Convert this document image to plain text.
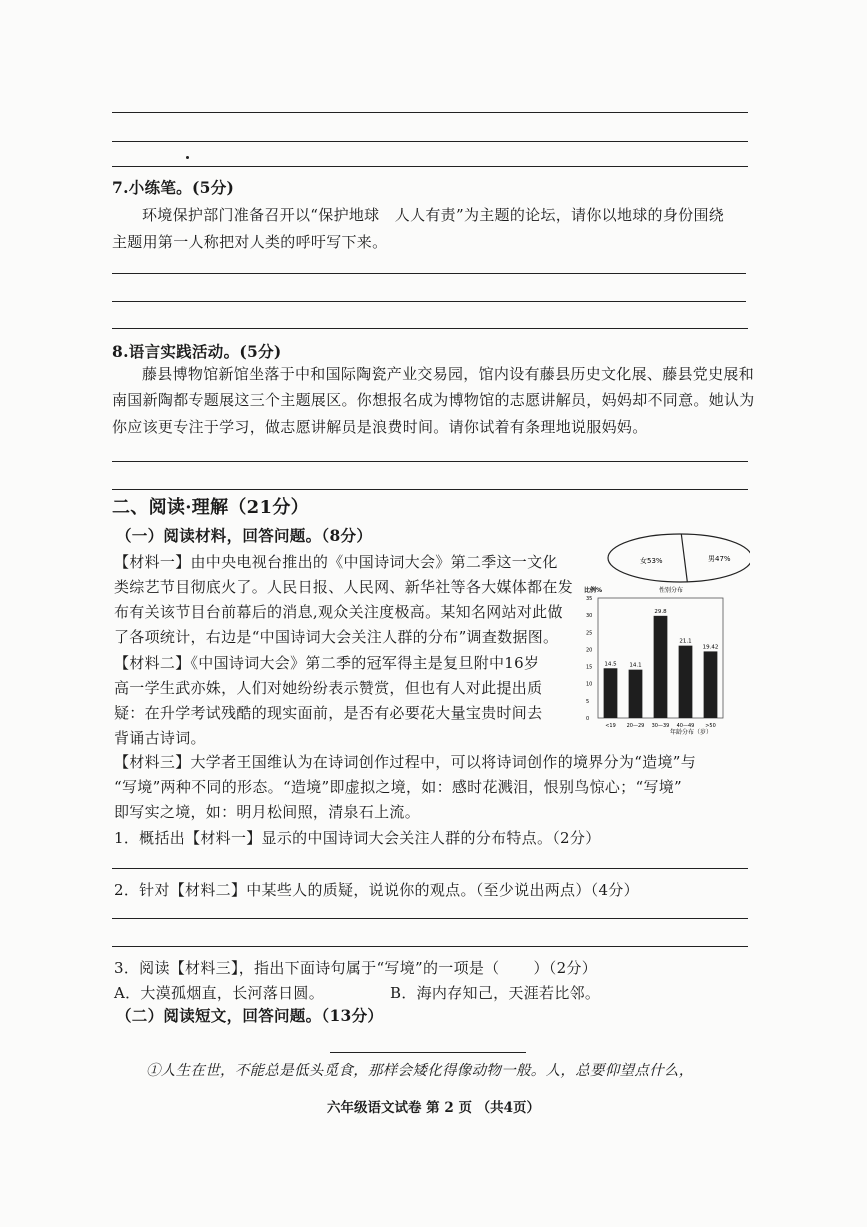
7.小练笔。(5分)
环境保护部门准备召开以“保护地球　人人有责”为主题的论坛，请你以地球的身份围绕
主题用第一人称把对人类的呼吁写下来。
8.语言实践活动。(5分)
藤县博物馆新馆坐落于中和国际陶瓷产业交易园，馆内设有藤县历史文化展、藤县党史展和
南国新陶都专题展这三个主题展区。你想报名成为博物馆的志愿讲解员，妈妈却不同意。她认为
你应该更专注于学习，做志愿讲解员是浪费时间。请你试着有条理地说服妈妈。
二、阅读·理解（21分）
（一）阅读材料，回答问题。（8分）
【材料一】由中央电视台推出的《中国诗词大会》第二季这一文化
类综艺节目彻底火了。人民日报、人民网、新华社等各大媒体都在发
布有关该节目台前幕后的消息,观众关注度极高。某知名网站对此做
了各项统计，右边是“中国诗词大会关注人群的分布”调查数据图。
【材料二】《中国诗词大会》第二季的冠军得主是复旦附中16岁
高一学生武亦姝，人们对她纷纷表示赞赏，但也有人对此提出质
疑：在升学考试残酷的现实面前，是否有必要花大量宝贵时间去
背诵古诗词。
女53%	男47%
性别分布
比例%
35
30
25
20
15
10
5
0
14.5 14.1
29.8
21.1
19.42
<19 20—29 30—39 40—49 >50
年龄分布（岁）
【材料三】大学者王国维认为在诗词创作过程中，可以将诗词创作的境界分为“造境”与
“写境”两种不同的形态。“造境”即虚拟之境，如：感时花溅泪，恨别鸟惊心；“写境”
即写实之境，如：明月松间照，清泉石上流。
1．概括出【材料一】显示的中国诗词大会关注人群的分布特点。（2分）
2．针对【材料二】中某些人的质疑，说说你的观点。（至少说出两点）（4分）
3．阅读【材料三】，指出下面诗句属于“写境”的一项是（ ）（2分）
A．大漠孤烟直，长河落日圆。	B．海内存知己，天涯若比邻。
（二）阅读短文，回答问题。（13分）
①人生在世，不能总是低头觅食，那样会矮化得像动物一般。人，总要仰望点什么，
六年级语文试卷 第 2 页 （共4页）
